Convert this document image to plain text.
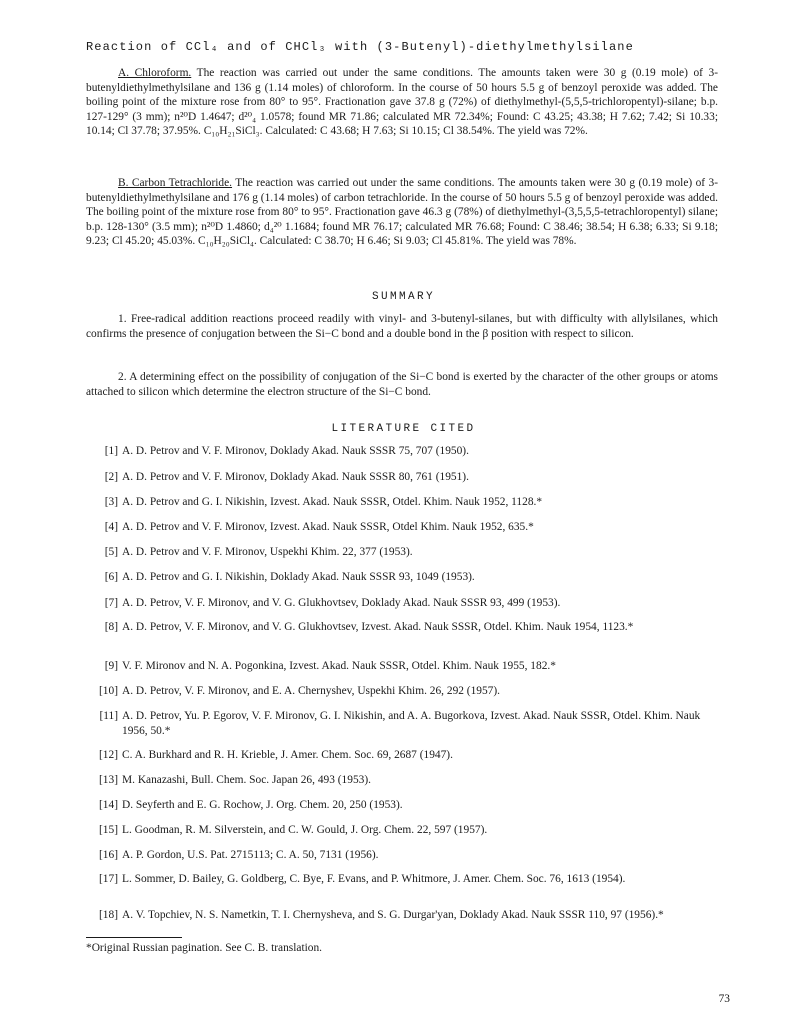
Reaction of CCl₄ and of CHCl₃ with (3-Butenyl)-diethylmethylsilane

A. Chloroform. The reaction was carried out under the same conditions. The amounts taken were 30 g (0.19 mole) of 3-butenyldiethylmethylsilane and 136 g (1.14 moles) of chloroform. In the course of 50 hours 5.5 g of benzoyl peroxide was added. The boiling point of the mixture rose from 80° to 95°. Fractionation gave 37.8 g (72%) of diethylmethyl-(5,5,5-trichloropentyl)-silane; b.p. 127-129° (3 mm); n²⁰D 1.4647; d²⁰₄ 1.0578; found MR 71.86; calculated MR 72.34%; Found: C 43.25; 43.38; H 7.62; 7.42; Si 10.33; 10.14; Cl 37.78; 37.95%. C₁₀H₂₁SiCl₃. Calculated: C 43.68; H 7.63; Si 10.15; Cl 38.54%. The yield was 72%.

B. Carbon Tetrachloride. The reaction was carried out under the same conditions. The amounts taken were 30 g (0.19 mole) of 3-butenyldiethylmethylsilane and 176 g (1.14 moles) of carbon tetrachloride. In the course of 50 hours 5.5 g of benzoyl peroxide was added. The boiling point of the mixture rose from 80° to 95°. Fractionation gave 46.3 g (78%) of diethylmethyl-(3,5,5,5-tetrachloropentyl) silane; b.p. 128-130° (3.5 mm); n²⁰D 1.4860; d₄²⁰ 1.1684; found MR 76.17; calculated MR 76.68; Found: C 38.46; 38.54; H 6.38; 6.33; Si 9.18; 9.23; Cl 45.20; 45.03%. C₁₀H₂₀SiCl₄. Calculated: C 38.70; H 6.46; Si 9.03; Cl 45.81%. The yield was 78%.

SUMMARY

1. Free-radical addition reactions proceed readily with vinyl- and 3-butenyl-silanes, but with difficulty with allylsilanes, which confirms the presence of conjugation between the Si−C bond and a double bond in the β position with respect to silicon.

2. A determining effect on the possibility of conjugation of the Si−C bond is exerted by the character of the other groups or atoms attached to silicon which determine the electron structure of the Si−C bond.

LITERATURE CITED

[1] A. D. Petrov and V. F. Mironov, Doklady Akad. Nauk SSSR 75, 707 (1950).

[2] A. D. Petrov and V. F. Mironov, Doklady Akad. Nauk SSSR 80, 761 (1951).

[3] A. D. Petrov and G. I. Nikishin, Izvest. Akad. Nauk SSSR, Otdel. Khim. Nauk 1952, 1128.*

[4] A. D. Petrov and V. F. Mironov, Izvest. Akad. Nauk SSSR, Otdel Khim. Nauk 1952, 635.*

[5] A. D. Petrov and V. F. Mironov, Uspekhi Khim. 22, 377 (1953).

[6] A. D. Petrov and G. I. Nikishin, Doklady Akad. Nauk SSSR 93, 1049 (1953).

[7] A. D. Petrov, V. F. Mironov, and V. G. Glukhovtsev, Doklady Akad. Nauk SSSR 93, 499 (1953).

[8] A. D. Petrov, V. F. Mironov, and V. G. Glukhovtsev, Izvest. Akad. Nauk SSSR, Otdel. Khim. Nauk 1954, 1123.*

[9] V. F. Mironov and N. A. Pogonkina, Izvest. Akad. Nauk SSSR, Otdel. Khim. Nauk 1955, 182.*

[10] A. D. Petrov, V. F. Mironov, and E. A. Chernyshev, Uspekhi Khim. 26, 292 (1957).

[11] A. D. Petrov, Yu. P. Egorov, V. F. Mironov, G. I. Nikishin, and A. A. Bugorkova, Izvest. Akad. Nauk SSSR, Otdel. Khim. Nauk 1956, 50.*

[12] C. A. Burkhard and R. H. Krieble, J. Amer. Chem. Soc. 69, 2687 (1947).

[13] M. Kanazashi, Bull. Chem. Soc. Japan 26, 493 (1953).

[14] D. Seyferth and E. G. Rochow, J. Org. Chem. 20, 250 (1953).

[15] L. Goodman, R. M. Silverstein, and C. W. Gould, J. Org. Chem. 22, 597 (1957).

[16] A. P. Gordon, U.S. Pat. 2715113; C. A. 50, 7131 (1956).

[17] L. Sommer, D. Bailey, G. Goldberg, C. Bye, F. Evans, and P. Whitmore, J. Amer. Chem. Soc. 76, 1613 (1954).

[18] A. V. Topchiev, N. S. Nametkin, T. I. Chernysheva, and S. G. Durgar'yan, Doklady Akad. Nauk SSSR 110, 97 (1956).*

*Original Russian pagination. See C. B. translation.
73
